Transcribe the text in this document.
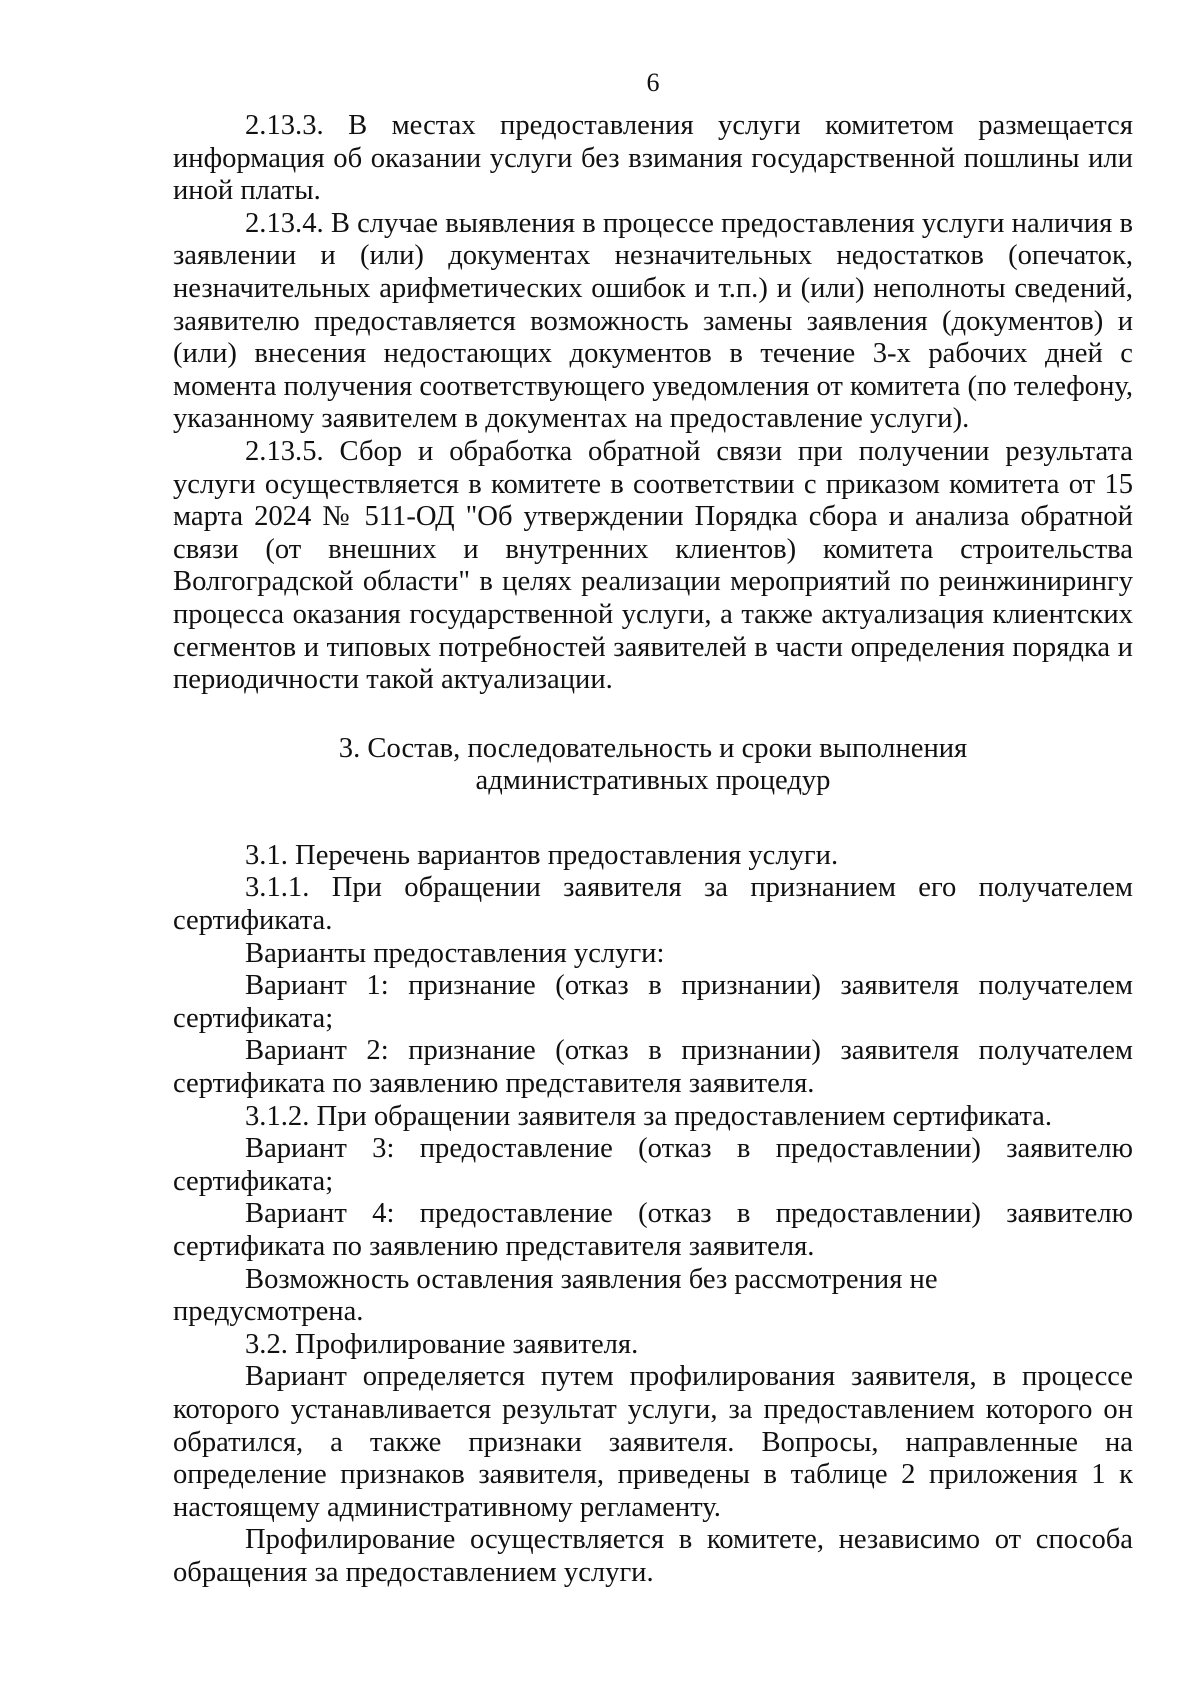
6

2.13.3. В местах предоставления услуги комитетом размещается информация об оказании услуги без взимания государственной пошлины или иной платы.

2.13.4. В случае выявления в процессе предоставления услуги наличия в заявлении и (или) документах незначительных недостатков (опечаток, незначительных арифметических ошибок и т.п.) и (или) неполноты сведений, заявителю предоставляется возможность замены заявления (документов) и (или) внесения недостающих документов в течение 3-х рабочих дней с момента получения соответствующего уведомления от комитета (по телефону, указанному заявителем в документах на предоставление услуги).

2.13.5. Сбор и обработка обратной связи при получении результата услуги осуществляется в комитете в соответствии с приказом комитета от 15 марта 2024 № 511-ОД "Об утверждении Порядка сбора и анализа обратной связи (от внешних и внутренних клиентов) комитета строительства Волгоградской области" в целях реализации мероприятий по реинжинирингу процесса оказания государственной услуги, а также актуализация клиентских сегментов и типовых потребностей заявителей в части определения порядка и периодичности такой актуализации.

3. Состав, последовательность и сроки выполнения
административных процедур

3.1. Перечень вариантов предоставления услуги.

3.1.1. При обращении заявителя за признанием его получателем сертификата.

Варианты предоставления услуги:

Вариант 1: признание (отказ в признании) заявителя получателем сертификата;

Вариант 2: признание (отказ в признании) заявителя получателем сертификата по заявлению представителя заявителя.

3.1.2. При обращении заявителя за предоставлением сертификата.

Вариант 3: предоставление (отказ в предоставлении) заявителю сертификата;

Вариант 4: предоставление (отказ в предоставлении) заявителю сертификата по заявлению представителя заявителя.

Возможность оставления заявления без рассмотрения не предусмотрена.

3.2. Профилирование заявителя.

Вариант определяется путем профилирования заявителя, в процессе которого устанавливается результат услуги, за предоставлением которого он обратился, а также признаки заявителя. Вопросы, направленные на определение признаков заявителя, приведены в таблице 2 приложения 1 к настоящему административному регламенту.

Профилирование осуществляется в комитете, независимо от способа обращения за предоставлением услуги.
